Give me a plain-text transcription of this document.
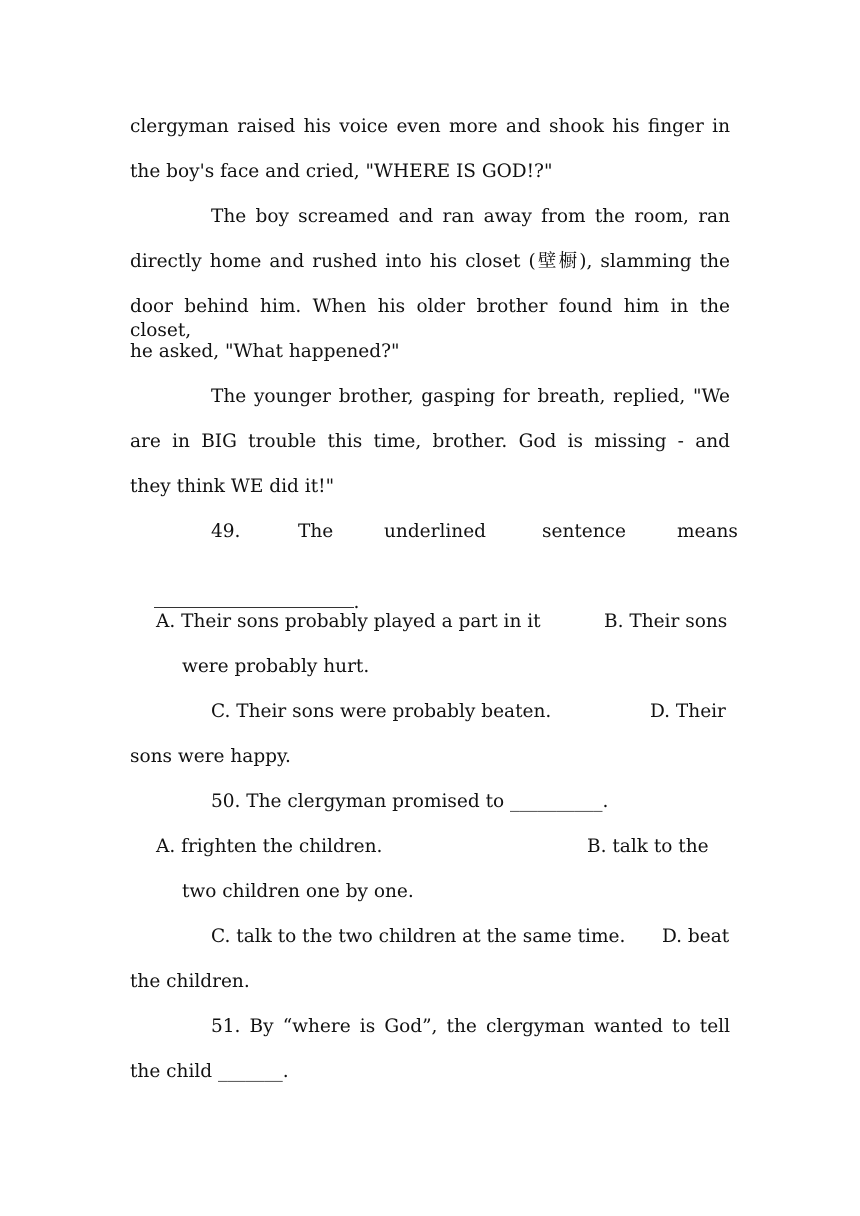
clergyman raised his voice even more and shook his finger in
the boy's face and cried, "WHERE IS GOD!?"
The boy screamed and ran away from the room, ran
directly home and rushed into his closet (壁橱), slamming the
door behind him. When his older brother found him in the closet,
he asked, "What happened?"
The younger brother, gasping for breath, replied, "We
are in BIG trouble this time, brother. God is missing - and
they think WE did it!"
49.	The	underlined	sentence	means

.

A. Their sons probably played a part in it	B. Their sons
were probably hurt.
C. Their sons were probably beaten.	D. Their
sons were happy.
50. The clergyman promised to __________.
A. frighten the children.	B. talk to the
two children one by one.
C. talk to the two children at the same time. D. beat
the children.
51. By “where is God”, the clergyman wanted to tell
the child _______.
